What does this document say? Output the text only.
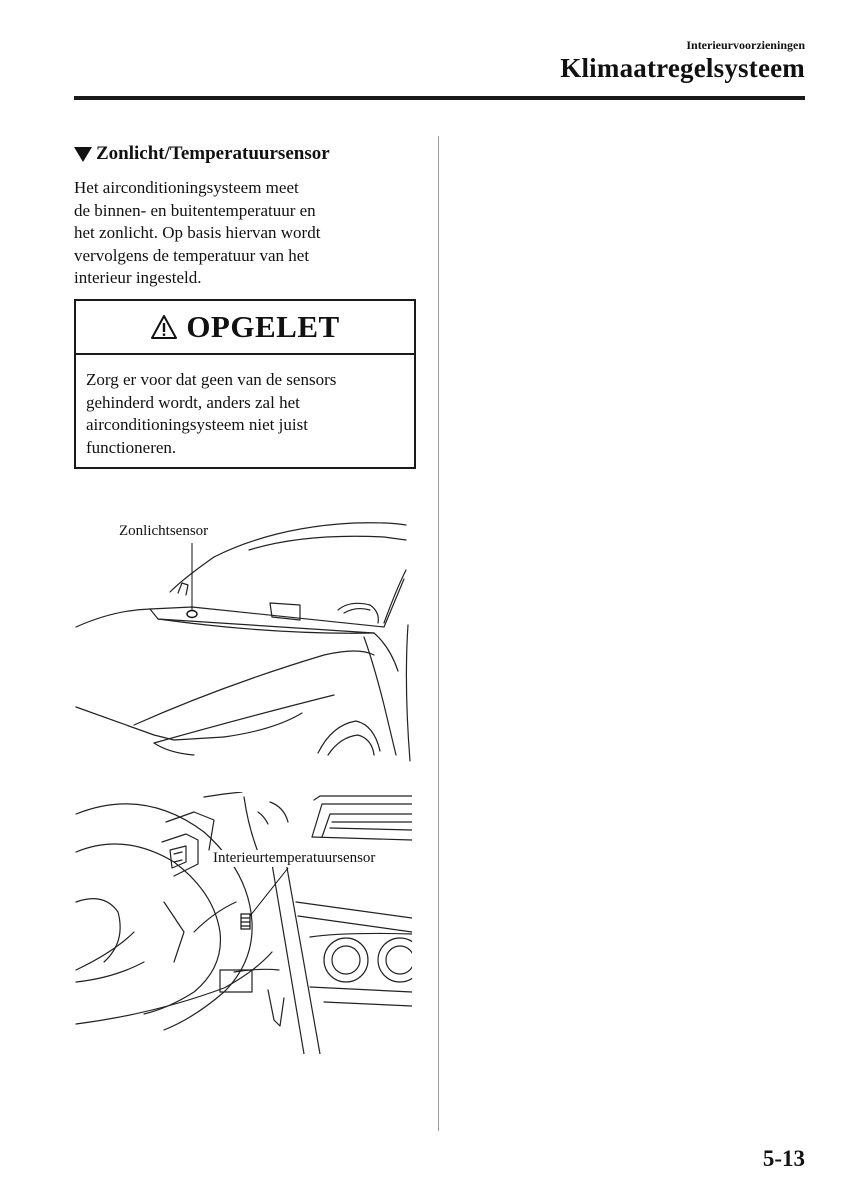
Interieurvoorzieningen
Klimaatregelsysteem
Zonlicht/Temperatuursensor
Het airconditioningsysteem meet
de binnen- en buitentemperatuur en
het zonlicht. Op basis hiervan wordt
vervolgens de temperatuur van het
interieur ingesteld.
OPGELET
Zorg er voor dat geen van de sensors
gehinderd wordt, anders zal het
airconditioningsysteem niet juist
functioneren.
Zonlichtsensor
Interieurtemperatuursensor
5-13
